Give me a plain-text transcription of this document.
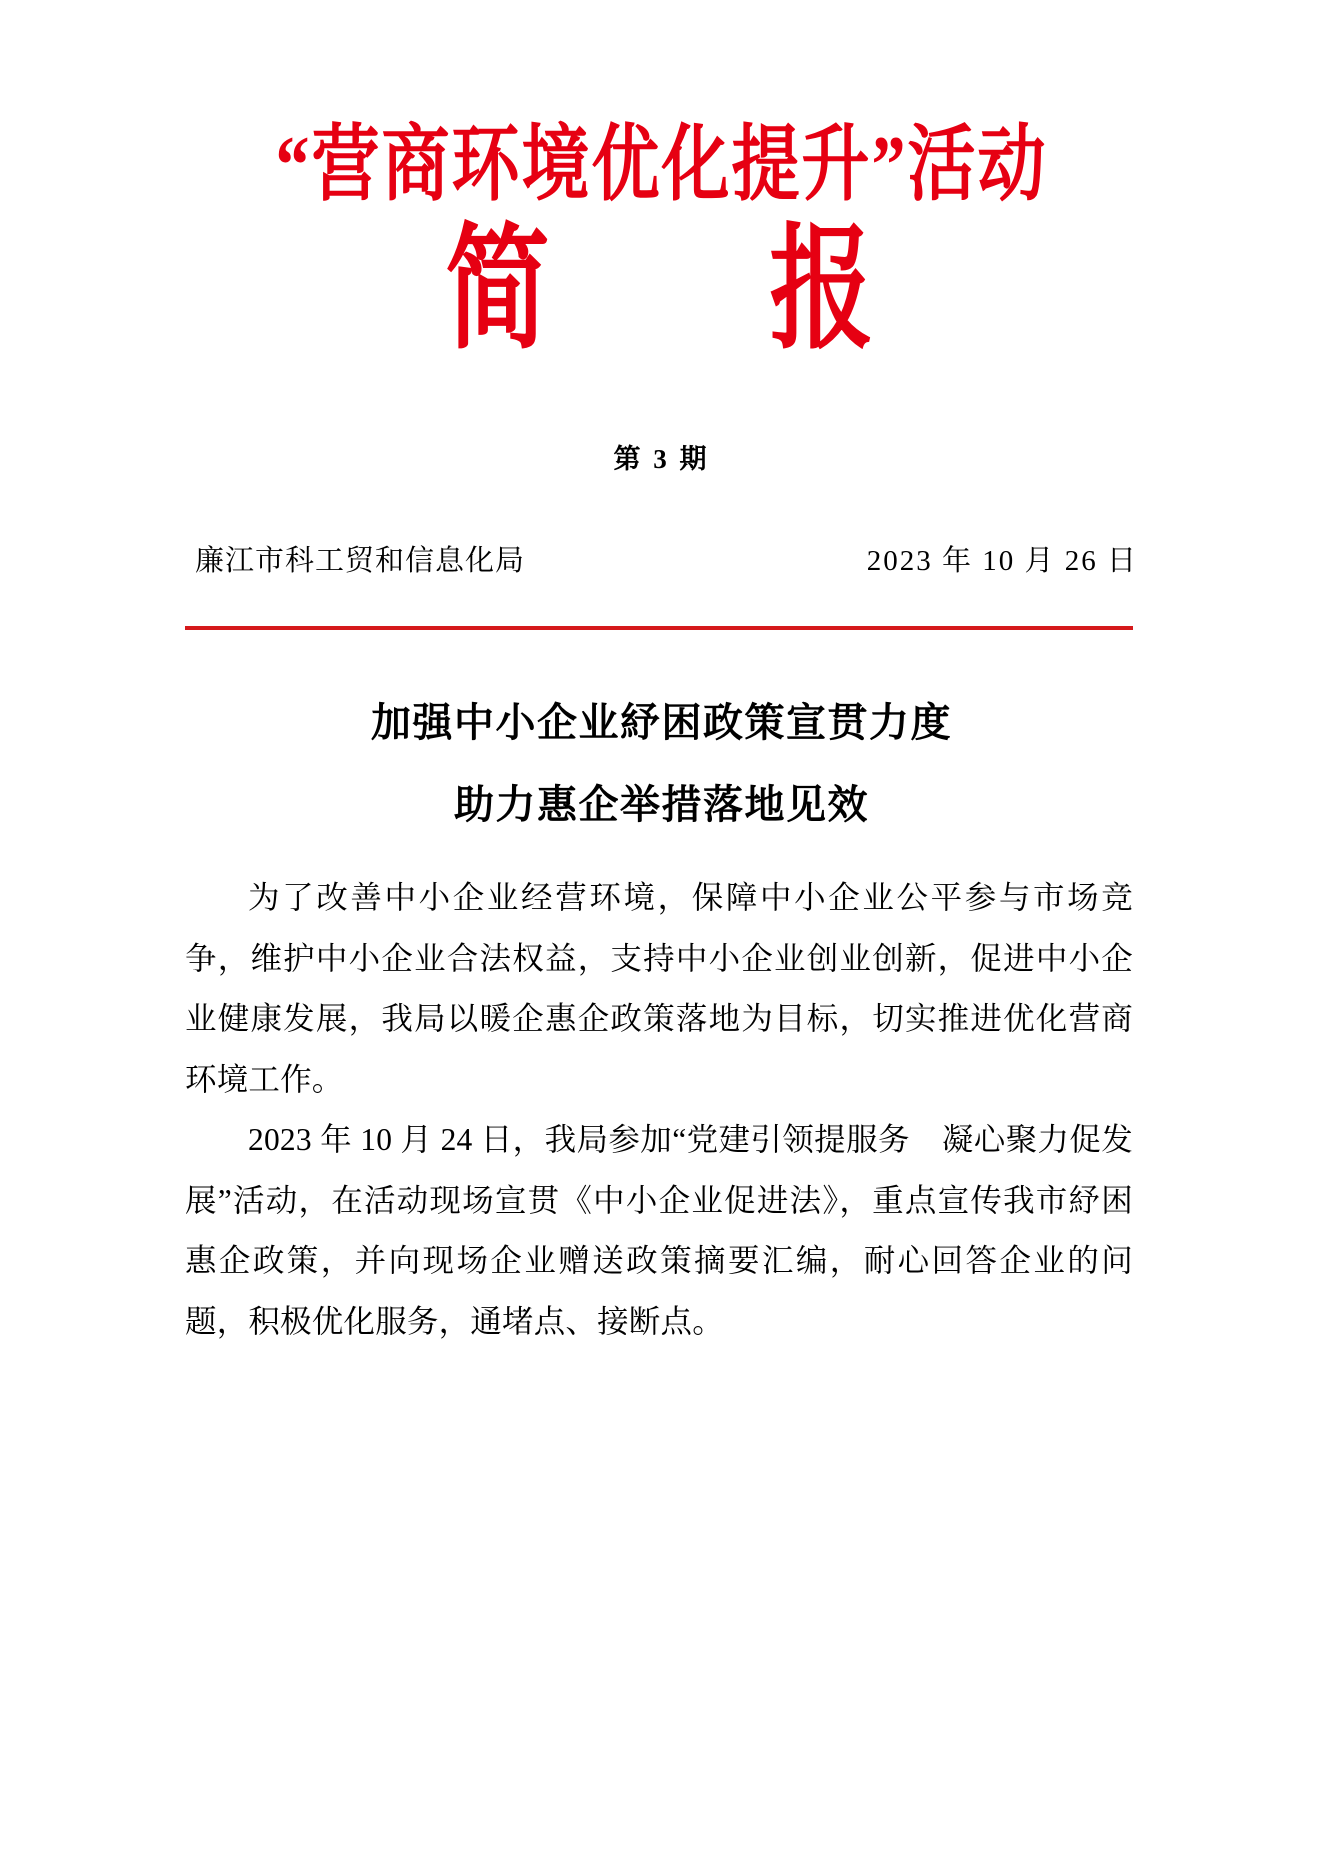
“营商环境优化提升”活动
简　　报
第 3 期
廉江市科工贸和信息化局	2023 年 10 月 26 日
加强中小企业紓困政策宣贯力度
助力惠企举措落地见效

为了改善中小企业经营环境，保障中小企业公平参与市场竞争，维护中小企业合法权益，支持中小企业创业创新，促进中小企业健康发展，我局以暖企惠企政策落地为目标，切实推进优化营商环境工作。

2023 年 10 月 24 日，我局参加“党建引领提服务　凝心聚力促发展”活动，在活动现场宣贯《中小企业促进法》，重点宣传我市紓困惠企政策，并向现场企业赠送政策摘要汇编，耐心回答企业的问题，积极优化服务，通堵点、接断点。
